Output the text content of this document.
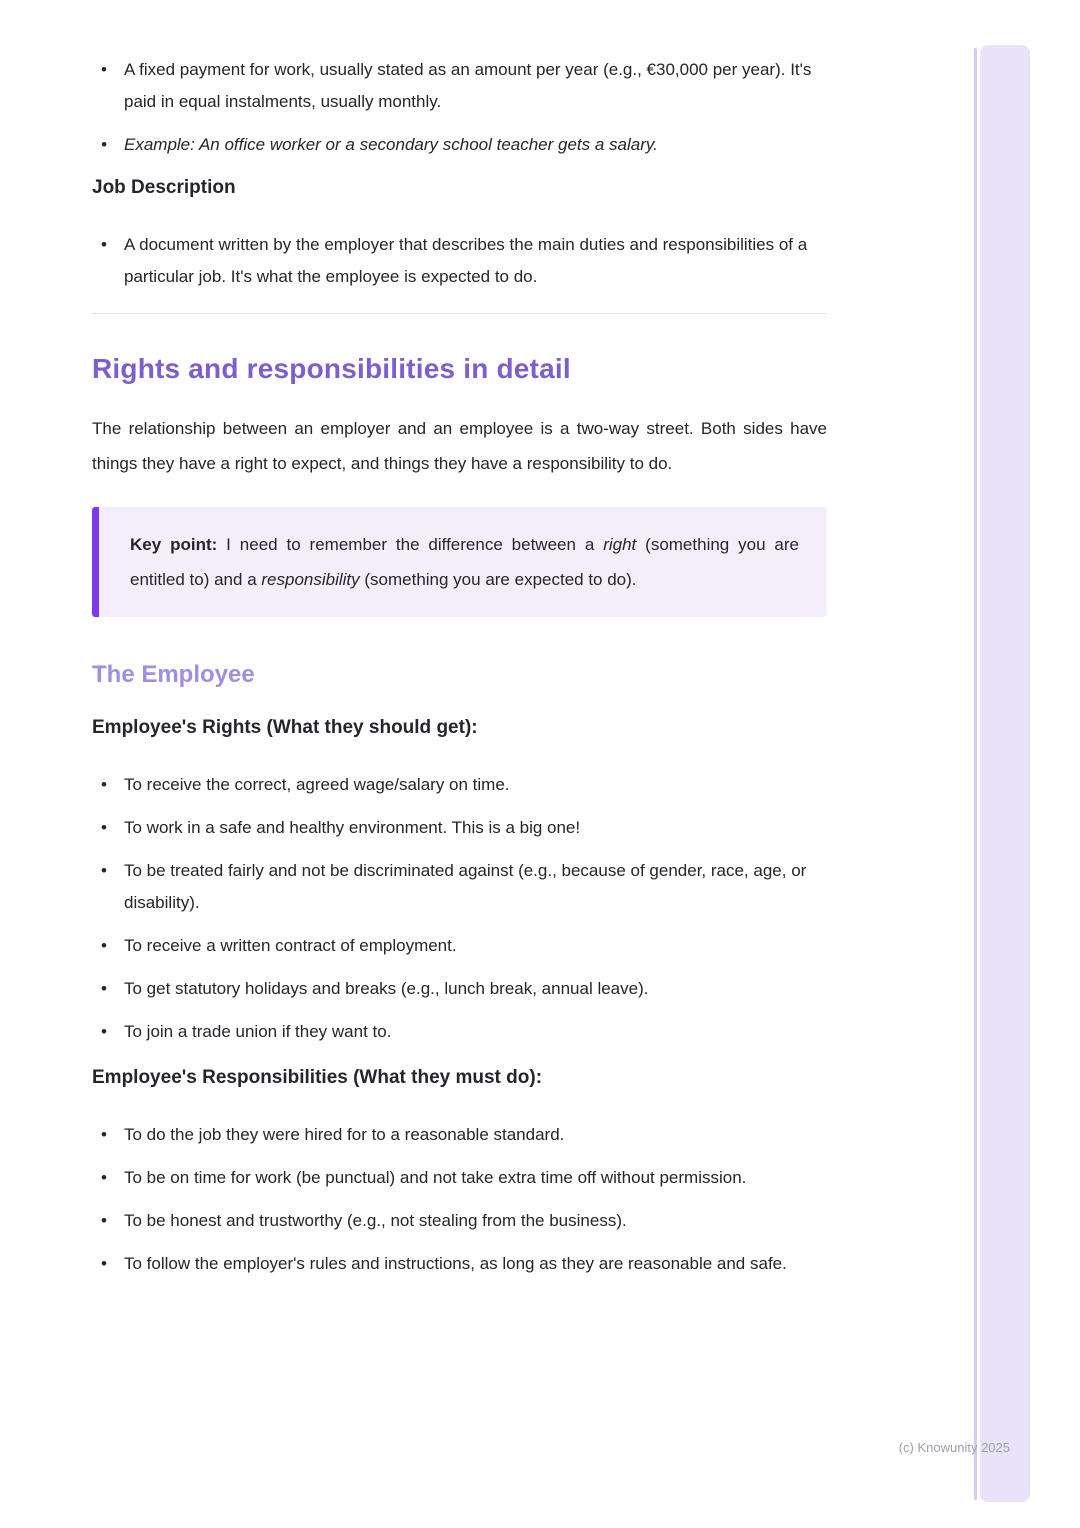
•	A fixed payment for work, usually stated as an amount per year (e.g., €30,000 per year). It's paid in equal instalments, usually monthly.
•	Example: An office worker or a secondary school teacher gets a salary.
Job Description
•	A document written by the employer that describes the main duties and responsibilities of a particular job. It's what the employee is expected to do.
Rights and responsibilities in detail

The relationship between an employer and an employee is a two-way street. Both sides have things they have a right to expect, and things they have a responsibility to do.

Key point: I need to remember the difference between a right (something you are entitled to) and a responsibility (something you are expected to do).

The Employee
Employee's Rights (What they should get):
•	To receive the correct, agreed wage/salary on time.
•	To work in a safe and healthy environment. This is a big one!
•	To be treated fairly and not be discriminated against (e.g., because of gender, race, age, or disability).
•	To receive a written contract of employment.
•	To get statutory holidays and breaks (e.g., lunch break, annual leave).
•	To join a trade union if they want to.
Employee's Responsibilities (What they must do):
•	To do the job they were hired for to a reasonable standard.
•	To be on time for work (be punctual) and not take extra time off without permission.
•	To be honest and trustworthy (e.g., not stealing from the business).
•	To follow the employer's rules and instructions, as long as they are reasonable and safe.
(c) Knowunity 2025
